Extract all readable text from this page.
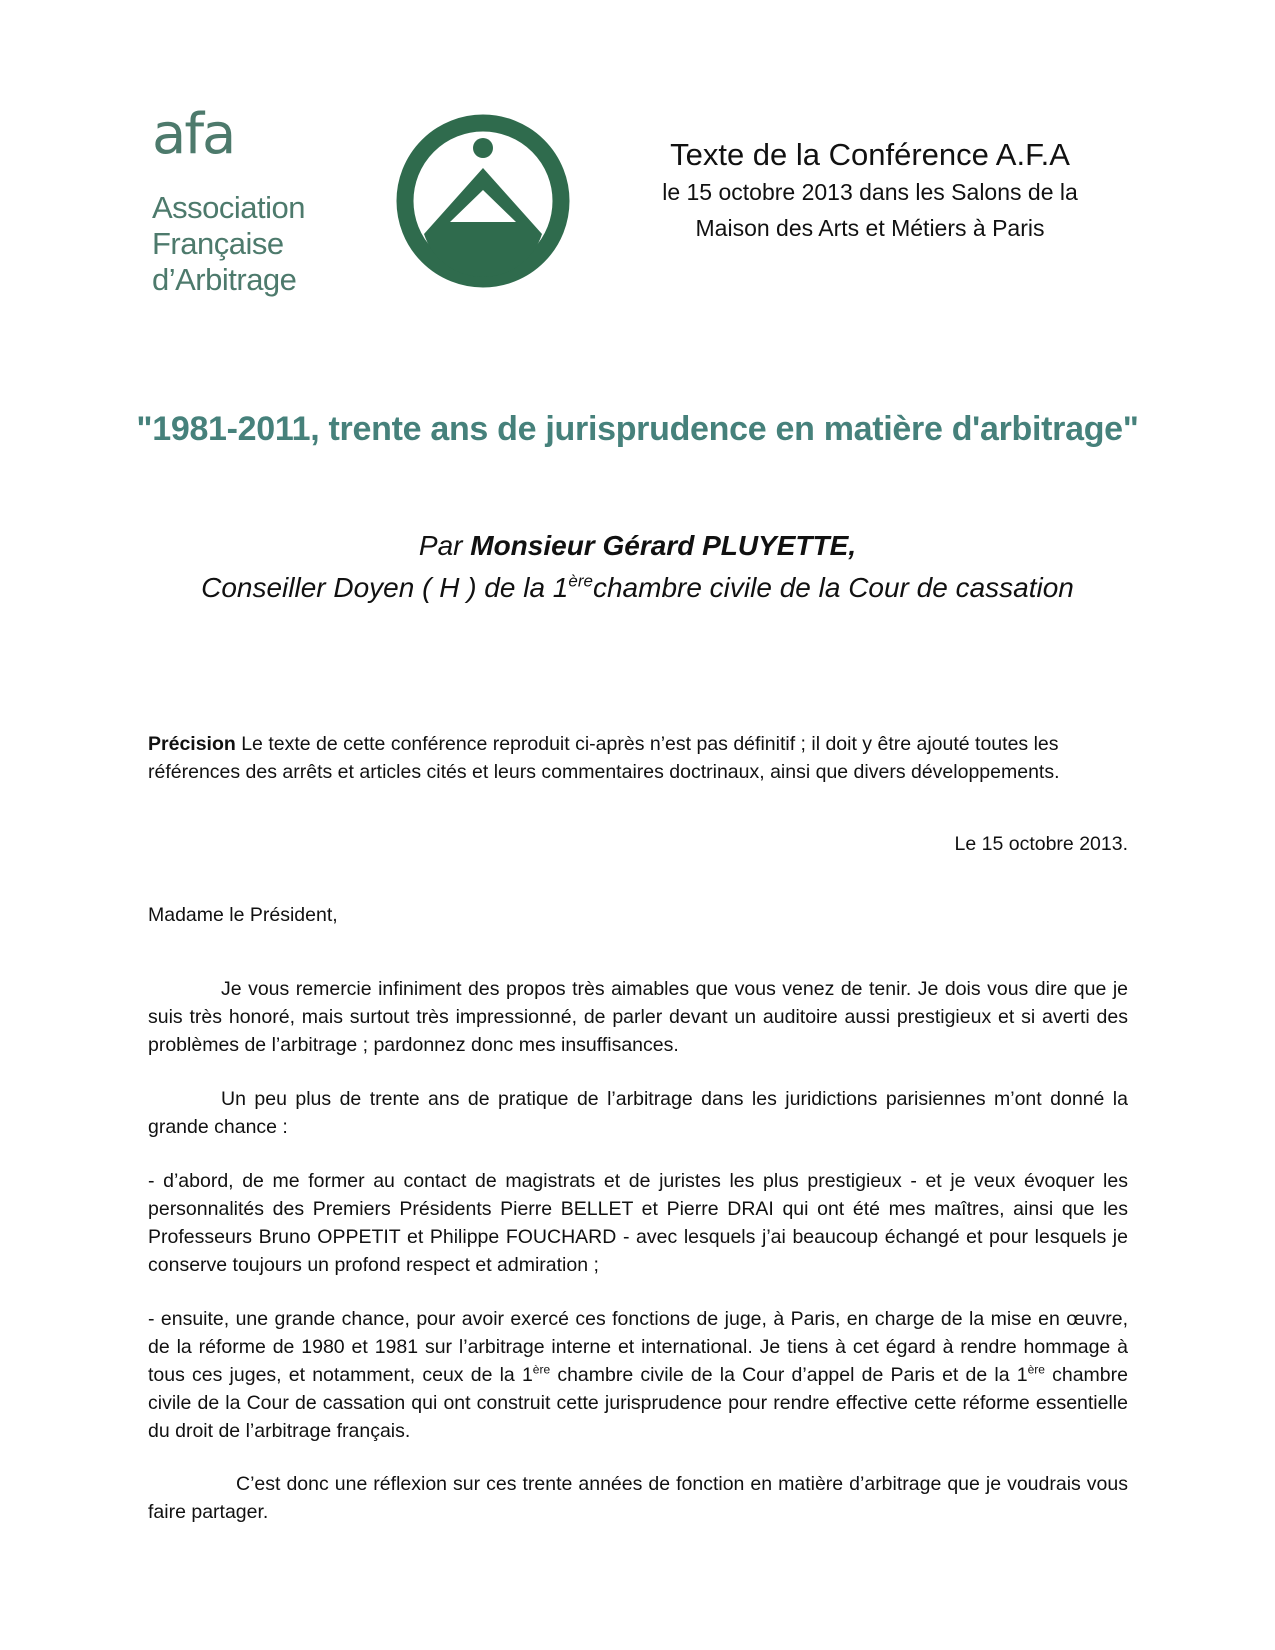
afa
Association
Française
d’Arbitrage
Texte de la Conférence A.F.A
le 15 octobre 2013 dans les Salons de la
Maison des Arts et Métiers à Paris
"1981-2011, trente ans de jurisprudence en matière d'arbitrage"
Par Monsieur Gérard PLUYETTE,
Conseiller Doyen ( H ) de la 1èrechambre civile de la Cour de cassation
Précision Le texte de cette conférence reproduit ci-après n’est pas définitif ; il doit y être ajouté toutes les références des arrêts et articles cités et leurs commentaires doctrinaux, ainsi que divers développements.
Le 15 octobre 2013.
Madame le Président,
Je vous remercie infiniment des propos très aimables que vous venez de tenir. Je dois vous dire que je suis très honoré, mais surtout très impressionné, de parler devant un auditoire aussi prestigieux et si averti des problèmes de l’arbitrage ; pardonnez donc mes insuffisances.
Un peu plus de trente ans de pratique de l’arbitrage dans les juridictions parisiennes m’ont donné la grande chance :
- d’abord, de me former au contact de magistrats et de juristes les plus prestigieux - et je veux évoquer les personnalités des Premiers Présidents Pierre BELLET et Pierre DRAI qui ont été mes maîtres, ainsi que les Professeurs Bruno OPPETIT et Philippe FOUCHARD - avec lesquels j’ai beaucoup échangé et pour lesquels je conserve toujours un profond respect et admiration ;
- ensuite, une grande chance, pour avoir exercé ces fonctions de juge, à Paris, en charge de la mise en œuvre, de la réforme de 1980 et 1981 sur l’arbitrage interne et international. Je tiens à cet égard à rendre hommage à tous ces juges, et notamment, ceux de la 1ère chambre civile de la Cour d’appel de Paris et de la 1ère chambre civile de la Cour de cassation qui ont construit cette jurisprudence pour rendre effective cette réforme essentielle du droit de l’arbitrage français.
C’est donc une réflexion sur ces trente années de fonction en matière d’arbitrage que je voudrais vous faire partager.
